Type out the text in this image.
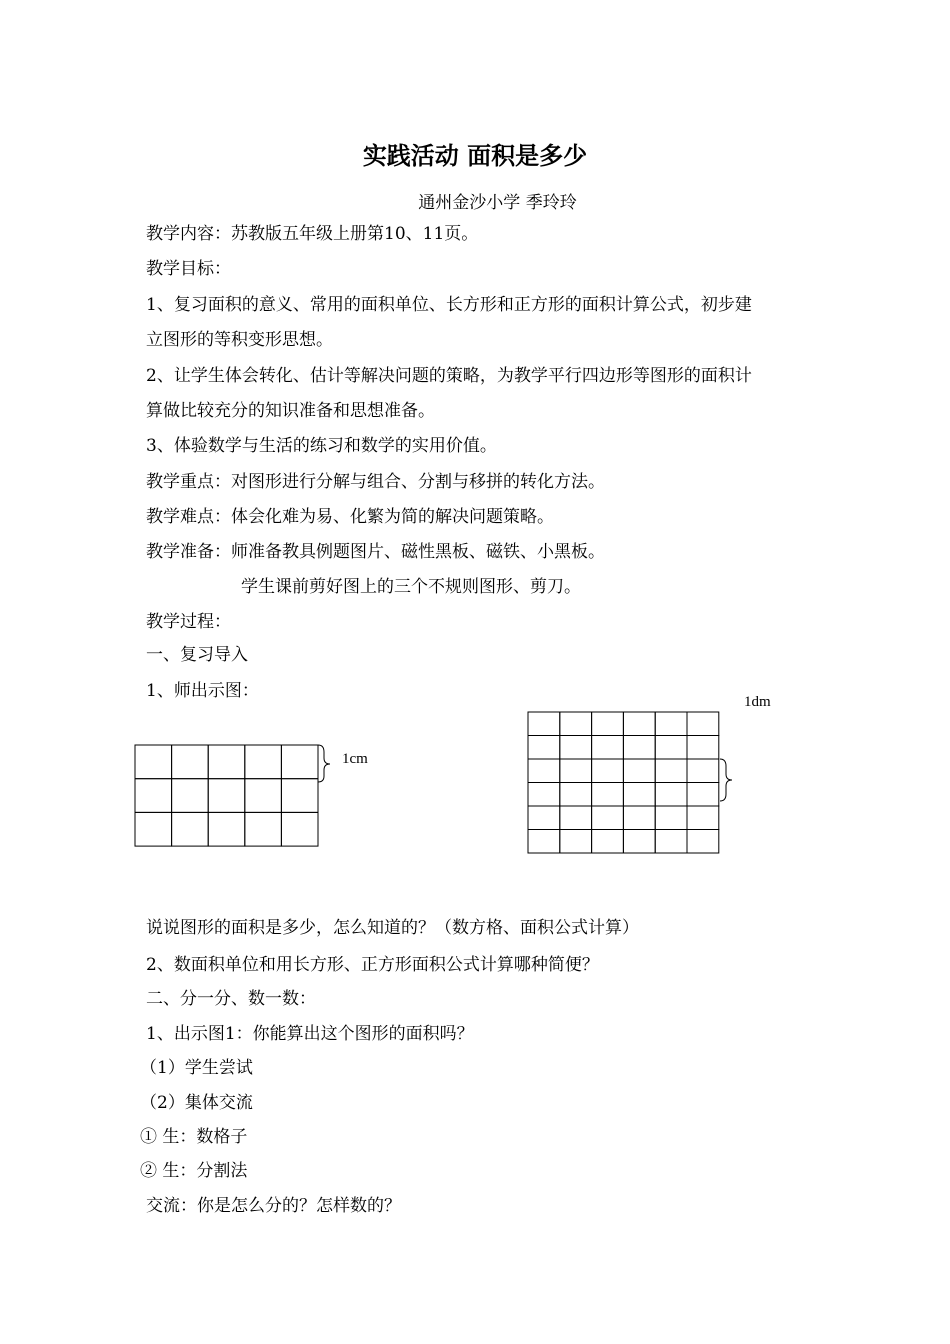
实践活动 面积是多少
通州金沙小学 季玲玲
教学内容：苏教版五年级上册第10、11页。
教学目标：
1、复习面积的意义、常用的面积单位、长方形和正方形的面积计算公式，初步建
立图形的等积变形思想。
2、让学生体会转化、估计等解决问题的策略，为教学平行四边形等图形的面积计
算做比较充分的知识准备和思想准备。
3、体验数学与生活的练习和数学的实用价值。
教学重点：对图形进行分解与组合、分割与移拼的转化方法。
教学难点：体会化难为易、化繁为简的解决问题策略。
教学准备：师准备教具例题图片、磁性黑板、磁铁、小黑板。
学生课前剪好图上的三个不规则图形、剪刀。
教学过程：
一、复习导入
1、师出示图：
1cm
1dm
说说图形的面积是多少，怎么知道的？（数方格、面积公式计算）
2、数面积单位和用长方形、正方形面积公式计算哪种简便？
二、分一分、数一数：
1、出示图1：你能算出这个图形的面积吗？
（1）学生尝试
（2）集体交流
① 生：数格子
② 生：分割法
交流：你是怎么分的？怎样数的？
